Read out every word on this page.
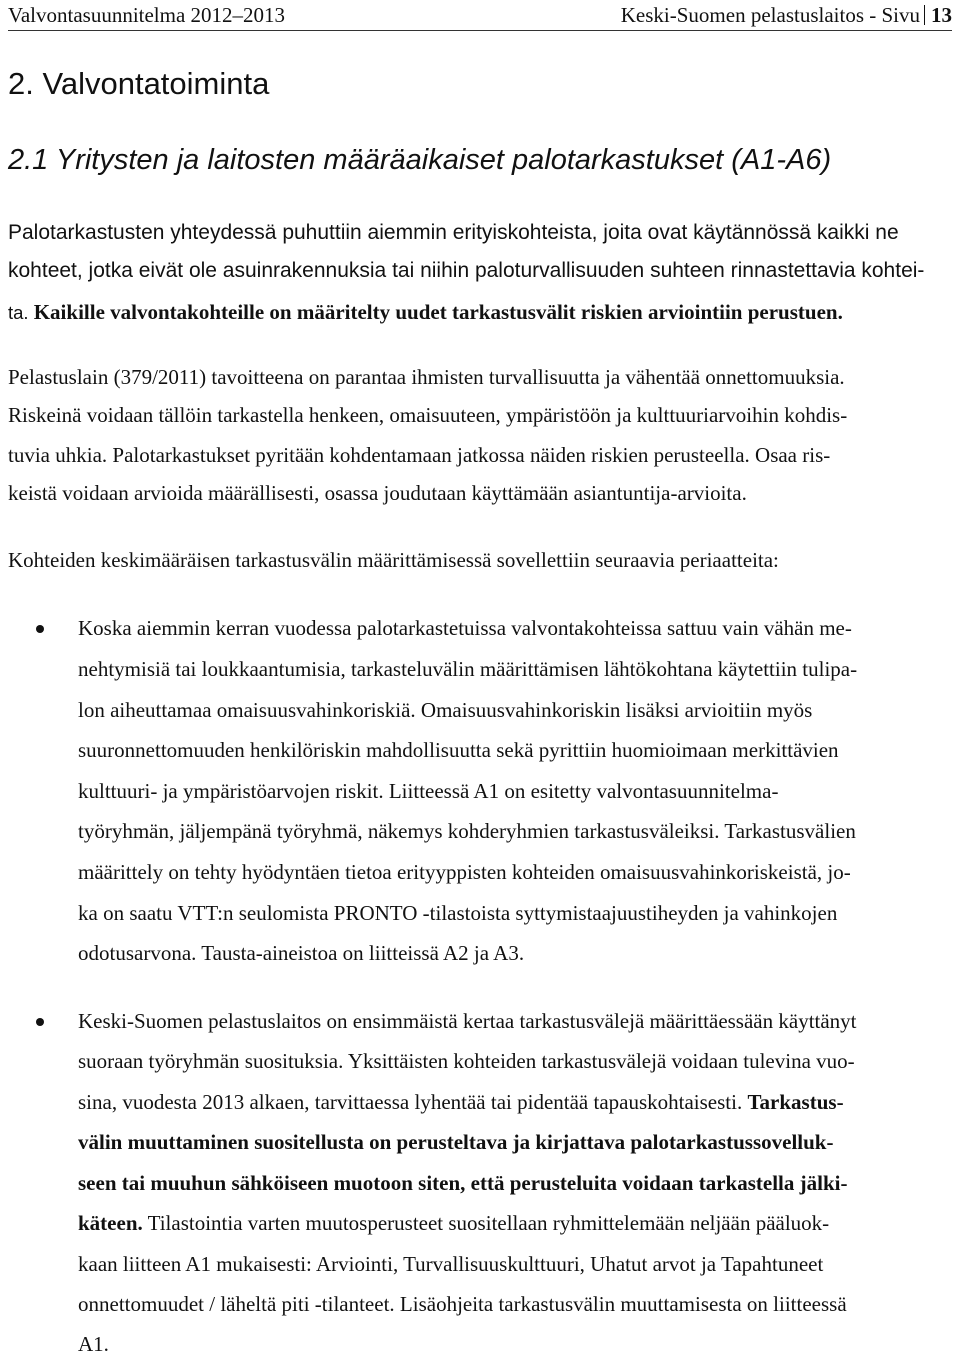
Valvontasuunnitelma 2012–2013	Keski-Suomen pelastuslaitos - Sivu 13
2. Valvontatoiminta
2.1 Yritysten ja laitosten määräaikaiset palotarkastukset (A1-A6)
Palotarkastusten yhteydessä puhuttiin aiemmin erityiskohteista, joita ovat käytännössä kaikki ne
kohteet, jotka eivät ole asuinrakennuksia tai niihin paloturvallisuuden suhteen rinnastettavia kohtei-
ta. Kaikille valvontakohteille on määritelty uudet tarkastusvälit riskien arviointiin perustuen.
Pelastuslain (379/2011) tavoitteena on parantaa ihmisten turvallisuutta ja vähentää onnettomuuksia.
Riskeinä voidaan tällöin tarkastella henkeen, omaisuuteen, ympäristöön ja kulttuuriarvoihin kohdis-
tuvia uhkia. Palotarkastukset pyritään kohdentamaan jatkossa näiden riskien perusteella. Osaa ris-
keistä voidaan arvioida määrällisesti, osassa joudutaan käyttämään asiantuntija-arvioita.
Kohteiden keskimääräisen tarkastusvälin määrittämisessä sovellettiin seuraavia periaatteita:
Koska aiemmin kerran vuodessa palotarkastetuissa valvontakohteissa sattuu vain vähän me-
nehtymisiä tai loukkaantumisia, tarkasteluvälin määrittämisen lähtökohtana käytettiin tulipa-
lon aiheuttamaa omaisuusvahinkoriskiä. Omaisuusvahinkoriskin lisäksi arvioitiin myös
suuronnettomuuden henkilöriskin mahdollisuutta sekä pyrittiin huomioimaan merkittävien
kulttuuri- ja ympäristöarvojen riskit. Liitteessä A1 on esitetty valvontasuunnitelma-
työryhmän, jäljempänä työryhmä, näkemys kohderyhmien tarkastusväleiksi. Tarkastusvälien
määrittely on tehty hyödyntäen tietoa erityyppisten kohteiden omaisuusvahinkoriskeistä, jo-
ka on saatu VTT:n seulomista PRONTO -tilastoista syttymistaajuustiheyden ja vahinkojen
odotusarvona. Tausta-aineistoa on liitteissä A2 ja A3.
Keski-Suomen pelastuslaitos on ensimmäistä kertaa tarkastusvälejä määrittäessään käyttänyt
suoraan työryhmän suosituksia. Yksittäisten kohteiden tarkastusvälejä voidaan tulevina vuo-
sina, vuodesta 2013 alkaen, tarvittaessa lyhentää tai pidentää tapauskohtaisesti. Tarkastus-
välin muuttaminen suositellusta on perusteltava ja kirjattava palotarkastussovelluk-
seen tai muuhun sähköiseen muotoon siten, että perusteluita voidaan tarkastella jälki-
käteen. Tilastointia varten muutosperusteet suositellaan ryhmittelemään neljään pääluok-
kaan liitteen A1 mukaisesti: Arviointi, Turvallisuuskulttuuri, Uhatut arvot ja Tapahtuneet
onnettomuudet / läheltä piti -tilanteet. Lisäohjeita tarkastusvälin muuttamisesta on liitteessä
A1.
